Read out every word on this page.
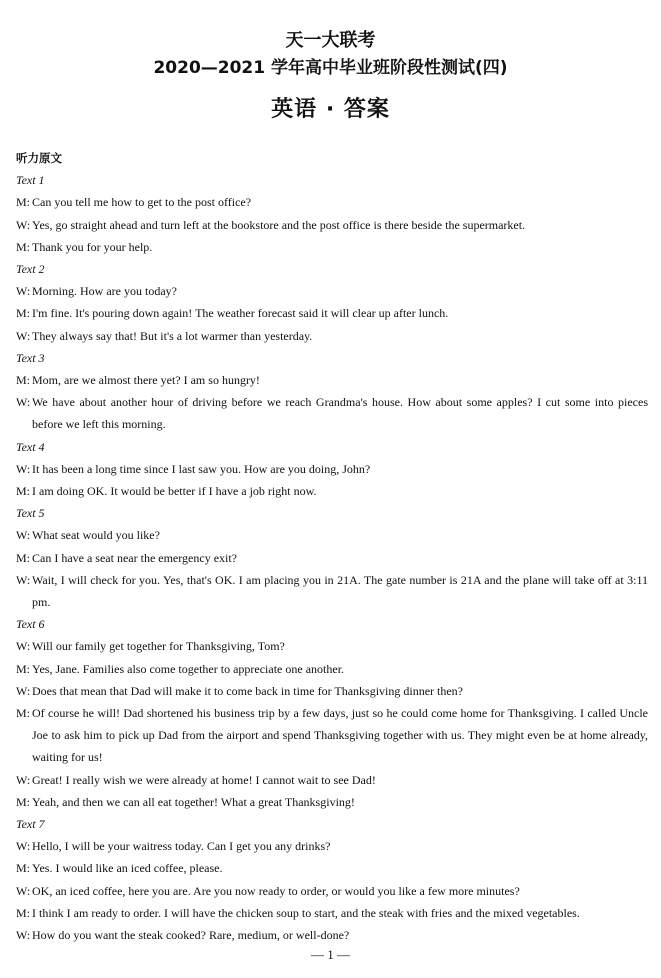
天一大联考
2020—2021 学年高中毕业班阶段性测试(四)
英语 · 答案
听力原文
Text 1
M: Can you tell me how to get to the post office?
W: Yes, go straight ahead and turn left at the bookstore and the post office is there beside the supermarket.
M: Thank you for your help.
Text 2
W: Morning. How are you today?
M: I'm fine. It's pouring down again! The weather forecast said it will clear up after lunch.
W: They always say that! But it's a lot warmer than yesterday.
Text 3
M: Mom, are we almost there yet? I am so hungry!
W: We have about another hour of driving before we reach Grandma's house. How about some apples? I cut some into pieces before we left this morning.
Text 4
W: It has been a long time since I last saw you. How are you doing, John?
M: I am doing OK. It would be better if I have a job right now.
Text 5
W: What seat would you like?
M: Can I have a seat near the emergency exit?
W: Wait, I will check for you. Yes, that's OK. I am placing you in 21A. The gate number is 21A and the plane will take off at 3:11 pm.
Text 6
W: Will our family get together for Thanksgiving, Tom?
M: Yes, Jane. Families also come together to appreciate one another.
W: Does that mean that Dad will make it to come back in time for Thanksgiving dinner then?
M: Of course he will! Dad shortened his business trip by a few days, just so he could come home for Thanksgiving. I called Uncle Joe to ask him to pick up Dad from the airport and spend Thanksgiving together with us. They might even be at home already, waiting for us!
W: Great! I really wish we were already at home! I cannot wait to see Dad!
M: Yeah, and then we can all eat together! What a great Thanksgiving!
Text 7
W: Hello, I will be your waitress today. Can I get you any drinks?
M: Yes. I would like an iced coffee, please.
W: OK, an iced coffee, here you are. Are you now ready to order, or would you like a few more minutes?
M: I think I am ready to order. I will have the chicken soup to start, and the steak with fries and the mixed vegetables.
W: How do you want the steak cooked? Rare, medium, or well-done?
— 1 —
